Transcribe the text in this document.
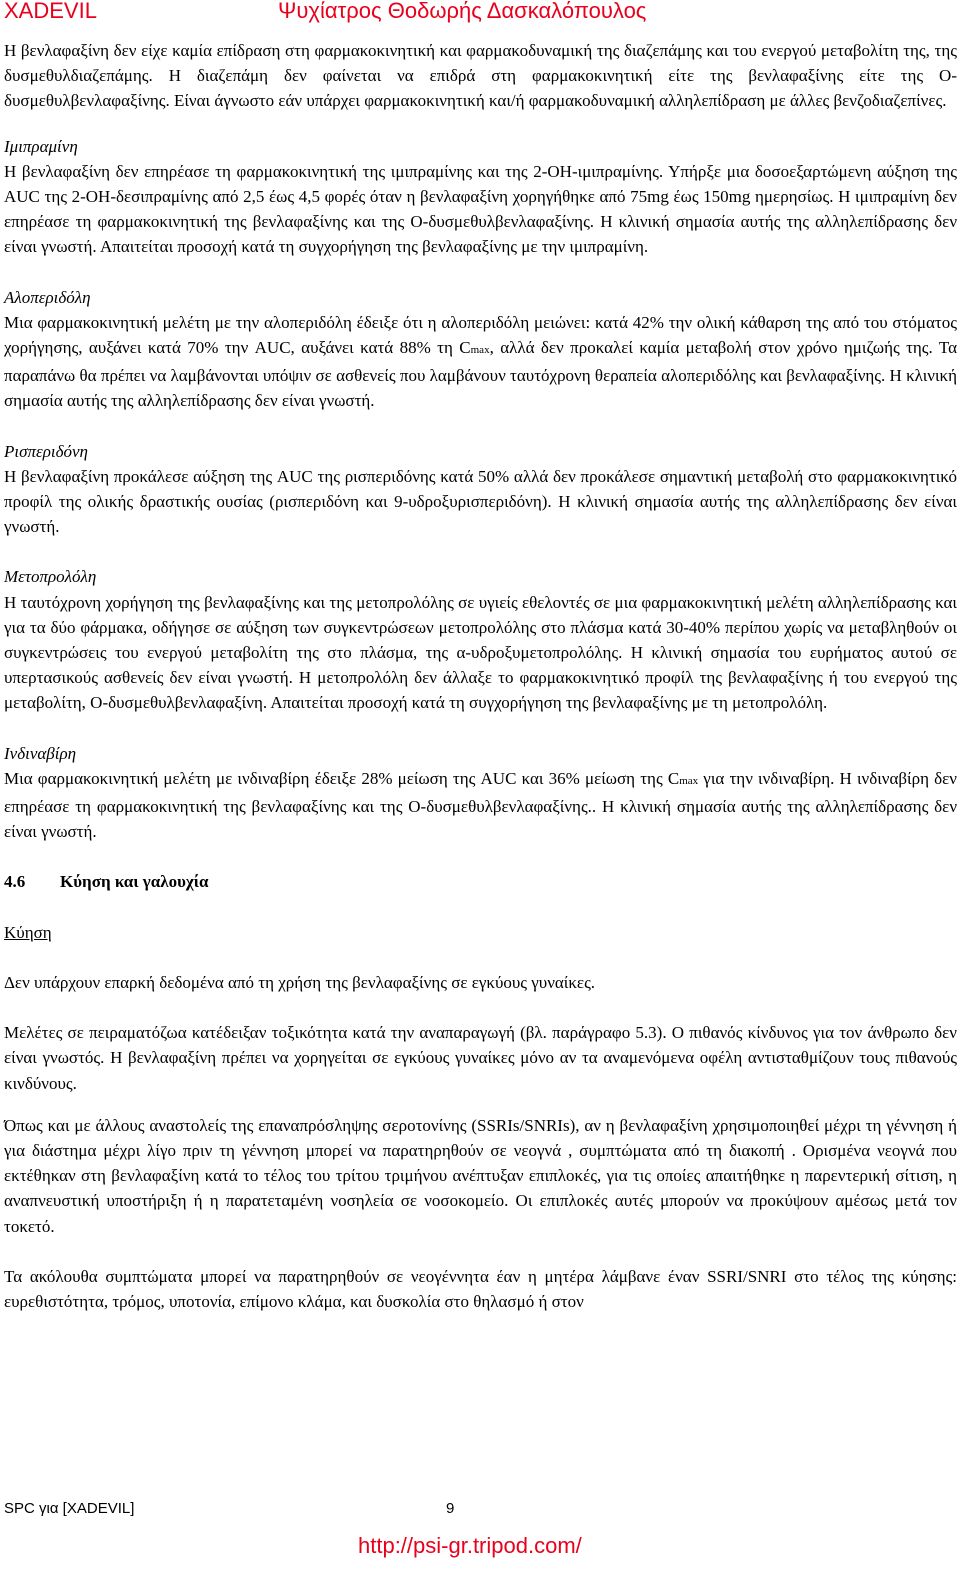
XADEVIL	Ψυχίατρος Θοδωρής Δασκαλόπουλος

Η βενλαφαξίνη δεν είχε καμία επίδραση στη φαρμακοκινητική και φαρμακοδυναμική της διαζεπάμης και του ενεργού μεταβολίτη της, της δυσμεθυλδιαζεπάμης. Η διαζεπάμη δεν φαίνεται να επιδρά στη φαρμακοκινητική είτε της βενλαφαξίνης είτε της Ο-δυσμεθυλβενλαφαξίνης. Είναι άγνωστο εάν υπάρχει φαρμακοκινητική και/ή φαρμακοδυναμική αλληλεπίδραση με άλλες βενζοδιαζεπίνες.

Ιμιπραμίνη

Η βενλαφαξίνη δεν επηρέασε τη φαρμακοκινητική της ιμιπραμίνης και της 2-OH-ιμιπραμίνης. Υπήρξε μια δοσοεξαρτώμενη αύξηση της AUC της 2-OH-δεσιπραμίνης από 2,5 έως 4,5 φορές όταν η βενλαφαξίνη χορηγήθηκε από 75mg έως 150mg ημερησίως. Η ιμιπραμίνη δεν επηρέασε τη φαρμακοκινητική της βενλαφαξίνης και της Ο-δυσμεθυλβενλαφαξίνης. Η κλινική σημασία αυτής της αλληλεπίδρασης δεν είναι γνωστή. Απαιτείται προσοχή κατά τη συγχορήγηση της βενλαφαξίνης με την ιμιπραμίνη.

Αλοπεριδόλη

Μια φαρμακοκινητική μελέτη με την αλοπεριδόλη έδειξε ότι η αλοπεριδόλη μειώνει: κατά 42% την ολική κάθαρση της από του στόματος χορήγησης, αυξάνει κατά 70% την AUC, αυξάνει κατά 88% τη Cmax, αλλά δεν προκαλεί καμία μεταβολή στον χρόνο ημιζωής της. Τα παραπάνω θα πρέπει να λαμβάνονται υπόψιν σε ασθενείς που λαμβάνουν ταυτόχρονη θεραπεία αλοπεριδόλης και βενλαφαξίνης. Η κλινική σημασία αυτής της αλληλεπίδρασης δεν είναι γνωστή.

Ρισπεριδόνη

Η βενλαφαξίνη προκάλεσε αύξηση της AUC της ρισπεριδόνης κατά 50% αλλά δεν προκάλεσε σημαντική μεταβολή στο φαρμακοκινητικό προφίλ της ολικής δραστικής ουσίας (ρισπεριδόνη και 9-υδροξυρισπεριδόνη). Η κλινική σημασία αυτής της αλληλεπίδρασης δεν είναι γνωστή.

Μετοπρολόλη

Η ταυτόχρονη χορήγηση της βενλαφαξίνης και της μετοπρολόλης σε υγιείς εθελοντές σε μια φαρμακοκινητική μελέτη αλληλεπίδρασης και για τα δύο φάρμακα, οδήγησε σε αύξηση των συγκεντρώσεων μετοπρολόλης στο πλάσμα κατά 30-40% περίπου χωρίς να μεταβληθούν οι συγκεντρώσεις του ενεργού μεταβολίτη της στο πλάσμα, της α-υδροξυμετοπρολόλης. Η κλινική σημασία του ευρήματος αυτού σε υπερτασικούς ασθενείς δεν είναι γνωστή. Η μετοπρολόλη δεν άλλαξε το φαρμακοκινητικό προφίλ της βενλαφαξίνης ή του ενεργού της μεταβολίτη, Ο-δυσμεθυλβενλαφαξίνη. Απαιτείται προσοχή κατά τη συγχορήγηση της βενλαφαξίνης με τη μετοπρολόλη.

Ινδιναβίρη

Μια φαρμακοκινητική μελέτη με ινδιναβίρη έδειξε 28% μείωση της AUC και 36% μείωση της Cmax για την ινδιναβίρη. Η ινδιναβίρη δεν επηρέασε τη φαρμακοκινητική της βενλαφαξίνης και της Ο-δυσμεθυλβενλαφαξίνης.. Η κλινική σημασία αυτής της αλληλεπίδρασης δεν είναι γνωστή.

4.6 Κύηση και γαλουχία

Κύηση

Δεν υπάρχουν επαρκή δεδομένα από τη χρήση της βενλαφαξίνης σε εγκύους γυναίκες.

Μελέτες σε πειραματόζωα κατέδειξαν τοξικότητα κατά την αναπαραγωγή (βλ. παράγραφο 5.3). Ο πιθανός κίνδυνος για τον άνθρωπο δεν είναι γνωστός. Η βενλαφαξίνη πρέπει να χορηγείται σε εγκύους γυναίκες μόνο αν τα αναμενόμενα οφέλη αντισταθμίζουν τους πιθανούς κινδύνους.

Όπως και με άλλους αναστολείς της επαναπρόσληψης σεροτονίνης (SSRIs/SNRIs), αν η βενλαφαξίνη χρησιμοποιηθεί μέχρι τη γέννηση ή για διάστημα μέχρι λίγο πριν τη γέννηση μπορεί να παρατηρηθούν σε νεογνά , συμπτώματα από τη διακοπή . Ορισμένα νεογνά που εκτέθηκαν στη βενλαφαξίνη κατά το τέλος του τρίτου τριμήνου ανέπτυξαν επιπλοκές, για τις οποίες απαιτήθηκε η παρεντερική σίτιση, η αναπνευστική υποστήριξη ή η παρατεταμένη νοσηλεία σε νοσοκομείο. Οι επιπλοκές αυτές μπορούν να προκύψουν αμέσως μετά τον τοκετό.

Τα ακόλουθα συμπτώματα μπορεί να παρατηρηθούν σε νεογέννητα έαν η μητέρα λάμβανε έναν SSRI/SNRI στο τέλος της κύησης: ευρεθιστότητα, τρόμος, υποτονία, επίμονο κλάμα, και δυσκολία στο θηλασμό ή στον

SPC για [XADEVIL]	9
http://psi-gr.tripod.com/
